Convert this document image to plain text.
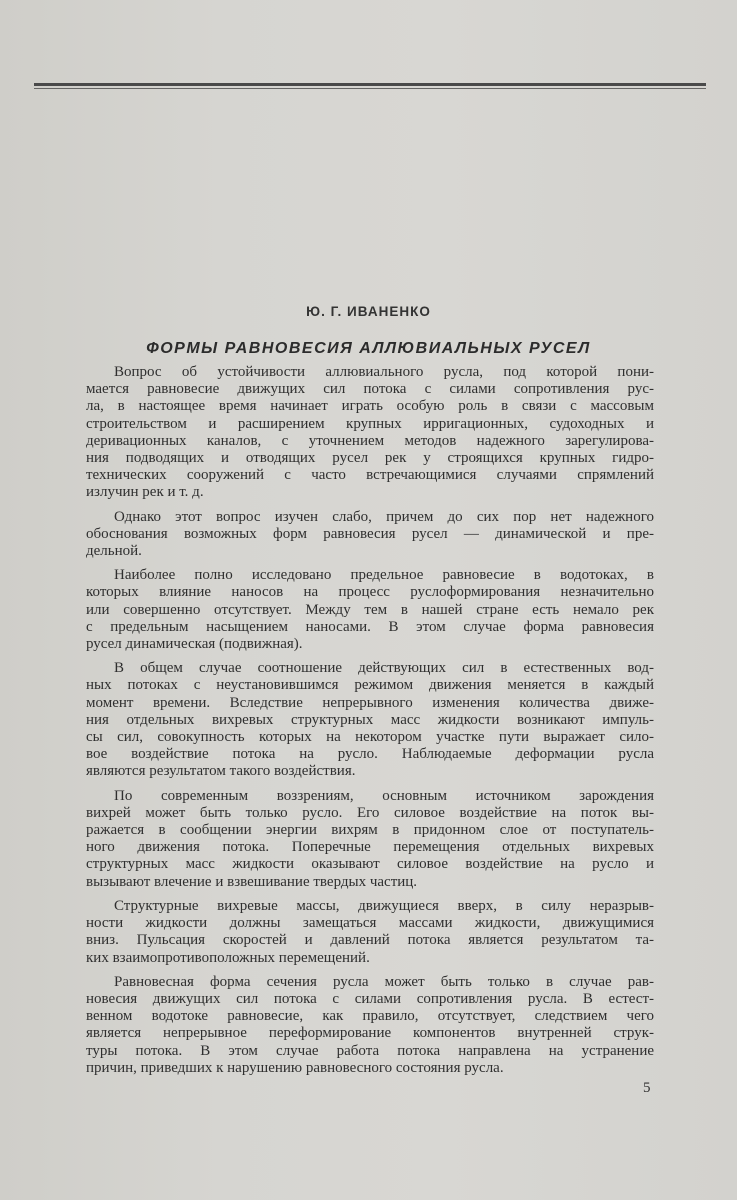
Ю. Г. ИВАНЕНКО
ФОРМЫ РАВНОВЕСИЯ АЛЛЮВИАЛЬНЫХ РУСЕЛ

Вопрос об устойчивости аллювиального русла, под которой пони-
мается равновесие движущих сил потока с силами сопротивления рус-
ла, в настоящее время начинает играть особую роль в связи с массовым
строительством и расширением крупных ирригационных, судоходных и
деривационных каналов, с уточнением методов надежного зарегулирова-
ния подводящих и отводящих русел рек у строящихся крупных гидро-
технических сооружений с часто встречающимися случаями спрямлений
излучин рек и т. д.

Однако этот вопрос изучен слабо, причем до сих пор нет надежного
обоснования возможных форм равновесия русел — динамической и пре-
дельной.

Наиболее полно исследовано предельное равновесие в водотоках, в
которых влияние наносов на процесс руслоформирования незначительно
или совершенно отсутствует. Между тем в нашей стране есть немало рек
с предельным насыщением наносами. В этом случае форма равновесия
русел динамическая (подвижная).

В общем случае соотношение действующих сил в естественных вод-
ных потоках с неустановившимся режимом движения меняется в каждый
момент времени. Вследствие непрерывного изменения количества движе-
ния отдельных вихревых структурных масс жидкости возникают импуль-
сы сил, совокупность которых на некотором участке пути выражает сило-
вое воздействие потока на русло. Наблюдаемые деформации русла
являются результатом такого воздействия.

По современным воззрениям, основным источником зарождения
вихрей может быть только русло. Его силовое воздействие на поток вы-
ражается в сообщении энергии вихрям в придонном слое от поступатель-
ного движения потока. Поперечные перемещения отдельных вихревых
структурных масс жидкости оказывают силовое воздействие на русло и
вызывают влечение и взвешивание твердых частиц.

Структурные вихревые массы, движущиеся вверх, в силу неразрыв-
ности жидкости должны замещаться массами жидкости, движущимися
вниз. Пульсация скоростей и давлений потока является результатом та-
ких взаимопротивоположных перемещений.

Равновесная форма сечения русла может быть только в случае рав-
новесия движущих сил потока с силами сопротивления русла. В естест-
венном водотоке равновесие, как правило, отсутствует, следствием чего
является непрерывное переформирование компонентов внутренней струк-
туры потока. В этом случае работа потока направлена на устранение
причин, приведших к нарушению равновесного состояния русла.

5
